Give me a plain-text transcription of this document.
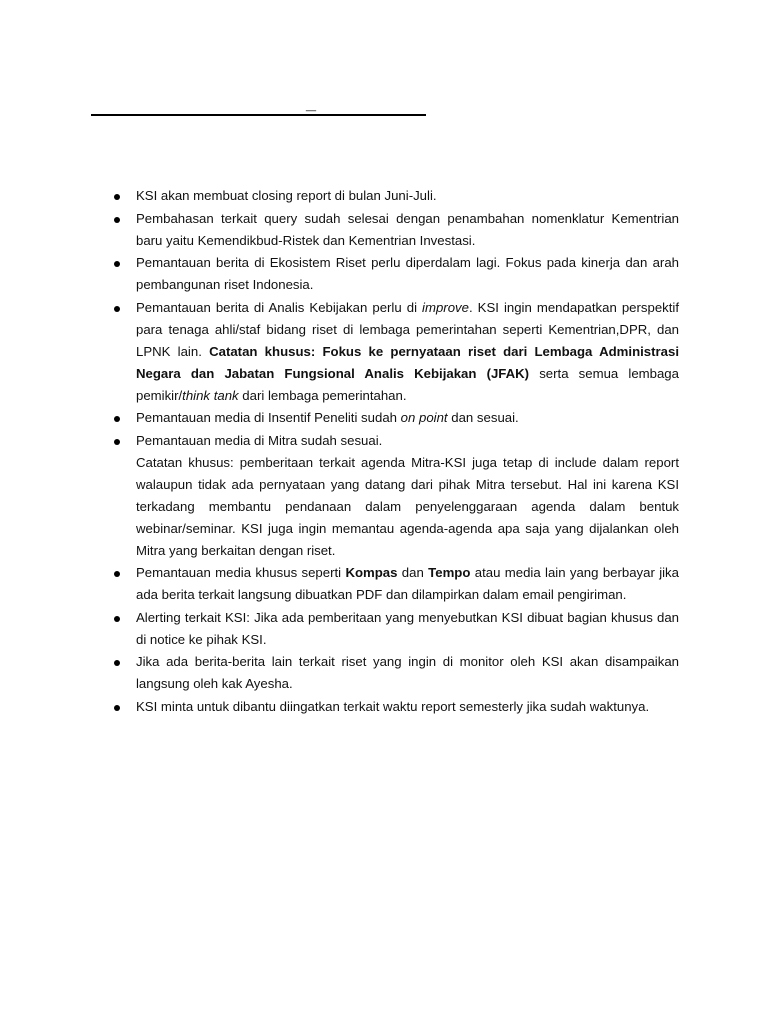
_
KSI akan membuat closing report di bulan Juni-Juli.
Pembahasan terkait query sudah selesai dengan penambahan nomenklatur Kementrian baru yaitu Kemendikbud-Ristek dan Kementrian Investasi.
Pemantauan berita di Ekosistem Riset perlu diperdalam lagi. Fokus pada kinerja dan arah pembangunan riset Indonesia.
Pemantauan berita di Analis Kebijakan perlu di improve. KSI ingin mendapatkan perspektif para tenaga ahli/staf bidang riset di lembaga pemerintahan seperti Kementrian,DPR, dan LPNK lain. Catatan khusus: Fokus ke pernyataan riset dari Lembaga Administrasi Negara dan Jabatan Fungsional Analis Kebijakan (JFAK) serta semua lembaga pemikir/think tank dari lembaga pemerintahan.
Pemantauan media di Insentif Peneliti sudah on point dan sesuai.
Pemantauan media di Mitra sudah sesuai.
Catatan khusus: pemberitaan terkait agenda Mitra-KSI juga tetap di include dalam report walaupun tidak ada pernyataan yang datang dari pihak Mitra tersebut. Hal ini karena KSI terkadang membantu pendanaan dalam penyelenggaraan agenda dalam bentuk webinar/seminar. KSI juga ingin memantau agenda-agenda apa saja yang dijalankan oleh Mitra yang berkaitan dengan riset.
Pemantauan media khusus seperti Kompas dan Tempo atau media lain yang berbayar jika ada berita terkait langsung dibuatkan PDF dan dilampirkan dalam email pengiriman.
Alerting terkait KSI: Jika ada pemberitaan yang menyebutkan KSI dibuat bagian khusus dan di notice ke pihak KSI.
Jika ada berita-berita lain terkait riset yang ingin di monitor oleh KSI akan disampaikan langsung oleh kak Ayesha.
KSI minta untuk dibantu diingatkan terkait waktu report semesterly jika sudah waktunya.
